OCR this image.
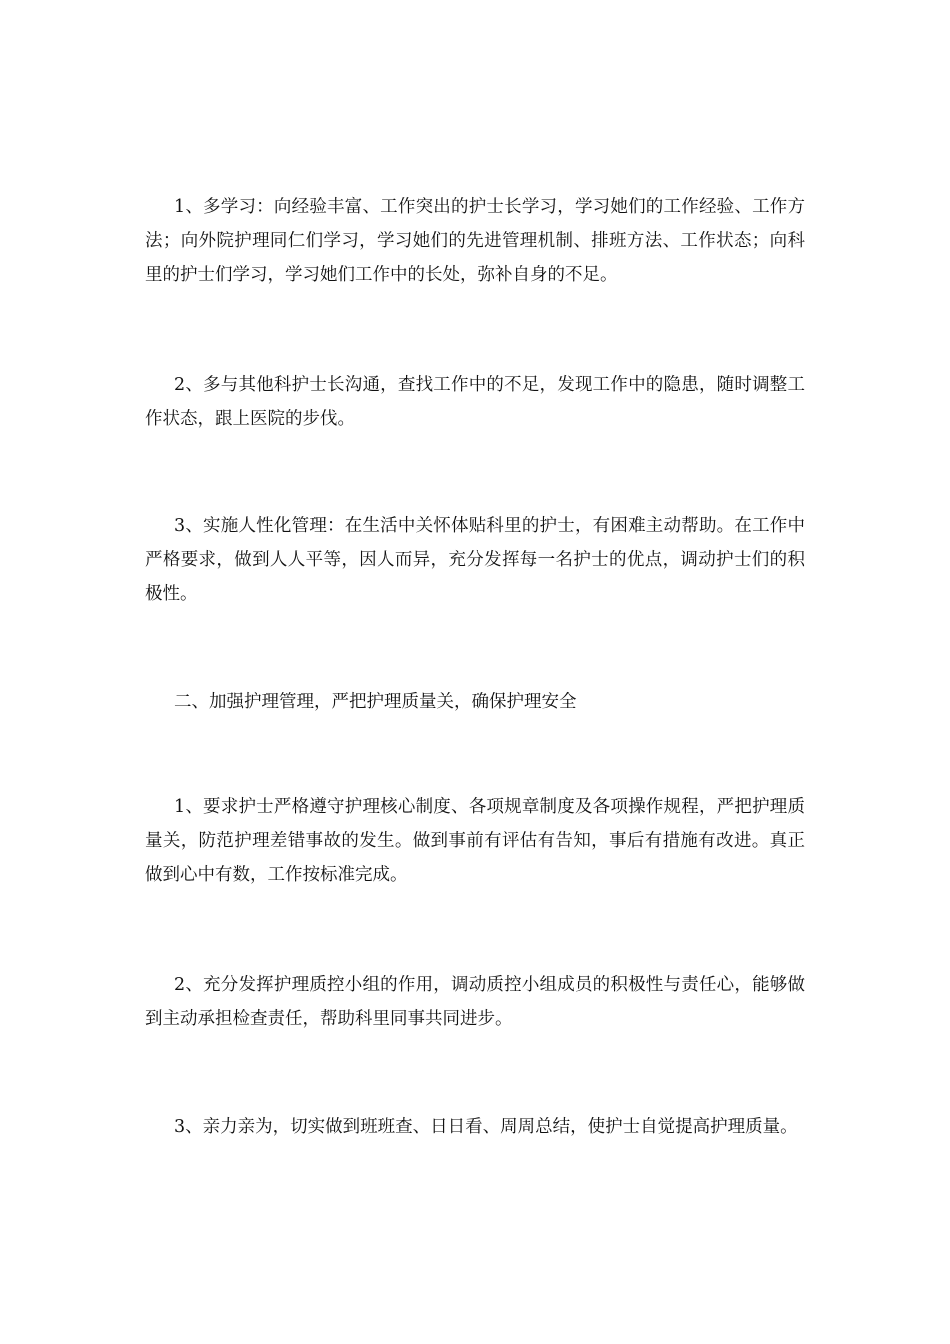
1、多学习：向经验丰富、工作突出的护士长学习，学习她们的工作经验、工作方法；向外院护理同仁们学习，学习她们的先进管理机制、排班方法、工作状态；向科里的护士们学习，学习她们工作中的长处，弥补自身的不足。

2、多与其他科护士长沟通，查找工作中的不足，发现工作中的隐患，随时调整工作状态，跟上医院的步伐。

3、实施人性化管理：在生活中关怀体贴科里的护士，有困难主动帮助。在工作中严格要求，做到人人平等，因人而异，充分发挥每一名护士的优点，调动护士们的积极性。

二、加强护理管理，严把护理质量关，确保护理安全

1、要求护士严格遵守护理核心制度、各项规章制度及各项操作规程，严把护理质量关，防范护理差错事故的发生。做到事前有评估有告知，事后有措施有改进。真正做到心中有数，工作按标准完成。

2、充分发挥护理质控小组的作用，调动质控小组成员的积极性与责任心，能够做到主动承担检查责任，帮助科里同事共同进步。

3、亲力亲为，切实做到班班查、日日看、周周总结，使护士自觉提高护理质量。
